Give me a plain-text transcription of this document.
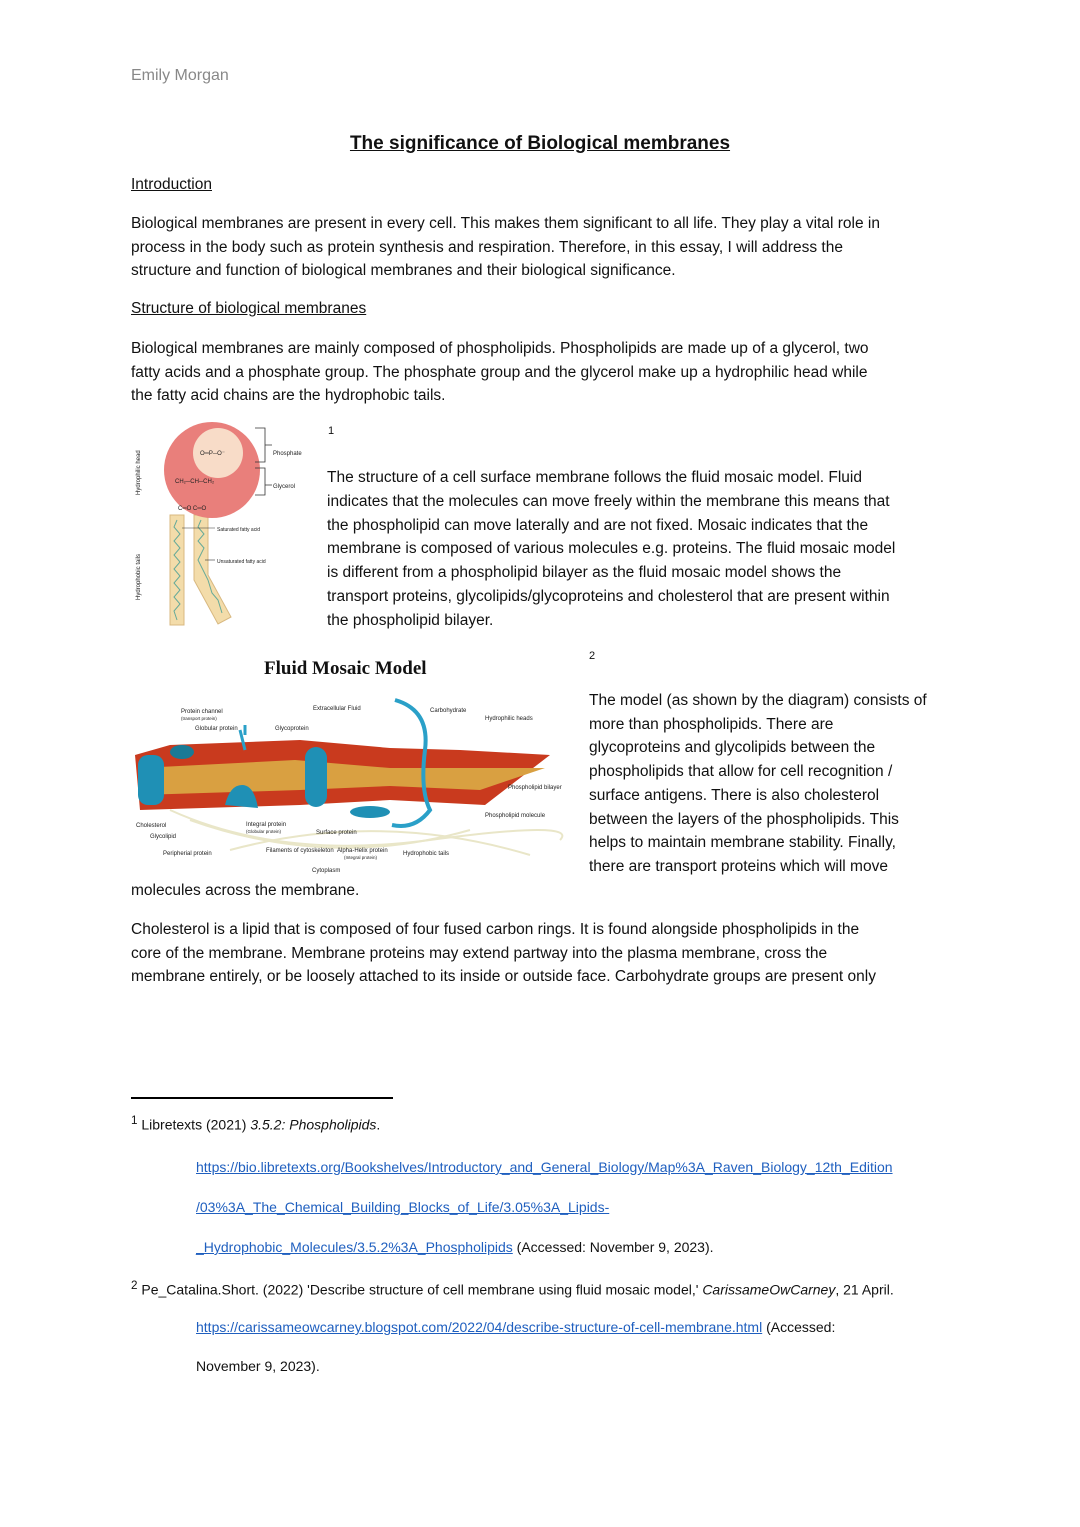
Emily Morgan
The significance of Biological membranes
Introduction
Biological membranes are present in every cell. This makes them significant to all life. They play a vital role in
process in the body such as protein synthesis and respiration. Therefore, in this essay, I will address the
structure and function of biological membranes and their biological significance.
Structure of biological membranes
Biological membranes are mainly composed of phospholipids. Phospholipids are made up of a glycerol, two
fatty acids and a phosphate group. The phosphate group and the glycerol make up a hydrophilic head while
the fatty acid chains are the hydrophobic tails.
Hydrophilic head
Hydrophobic tails
O═P─O⁻
CH₂─CH─CH₂
C═O C═O
Phosphate
Glycerol
Saturated fatty acid
Unsaturated fatty acid
1
The structure of a cell surface membrane follows the fluid mosaic model. Fluid
indicates that the molecules can move freely within the membrane this means that
the phospholipid can move laterally and are not fixed. Mosaic indicates that the
membrane is composed of various molecules e.g. proteins. The fluid mosaic model
is different from a phospholipid bilayer as the fluid mosaic model shows the
transport proteins, glycolipids/glycoproteins and cholesterol that are present within
the phospholipid bilayer.
Fluid Mosaic Model
Extracellular Fluid
Cytoplasm
Protein channel
(transport protein)
Globular protein	Glycoprotein
Carbohydrate
Hydrophilic heads
Phospholipid bilayer
Phospholipid molecule
Cholesterol
Glycolipid
Peripherial protein
Integral protein
(Globular protein)	Surface protein
Filaments of cytoskeleton Alpha-Helix protein
(Integral protein)
Hydrophobic tails
2
The model (as shown by the diagram) consists of
more than phospholipids. There are
glycoproteins and glycolipids between the
phospholipids that allow for cell recognition /
surface antigens. There is also cholesterol
between the layers of the phospholipids. This
helps to maintain membrane stability. Finally,
there are transport proteins which will move
molecules across the membrane.
Cholesterol is a lipid that is composed of four fused carbon rings. It is found alongside phospholipids in the
core of the membrane. Membrane proteins may extend partway into the plasma membrane, cross the
membrane entirely, or be loosely attached to its inside or outside face. Carbohydrate groups are present only
$^1$ Libretexts (2021) 3.5.2: Phospholipids.
https://bio.libretexts.org/Bookshelves/Introductory_and_General_Biology/Map%3A_Raven_Biology_12th_Edition
/03%3A_The_Chemical_Building_Blocks_of_Life/3.05%3A_Lipids-
_Hydrophobic_Molecules/3.5.2%3A_Phospholipids (Accessed: November 9, 2023).
$^2$ Pe_Catalina.Short. (2022) 'Describe structure of cell membrane using fluid mosaic model,' CarissameOwCarney, 21 April.
https://carissameowcarney.blogspot.com/2022/04/describe-structure-of-cell-membrane.html (Accessed:
November 9, 2023).
